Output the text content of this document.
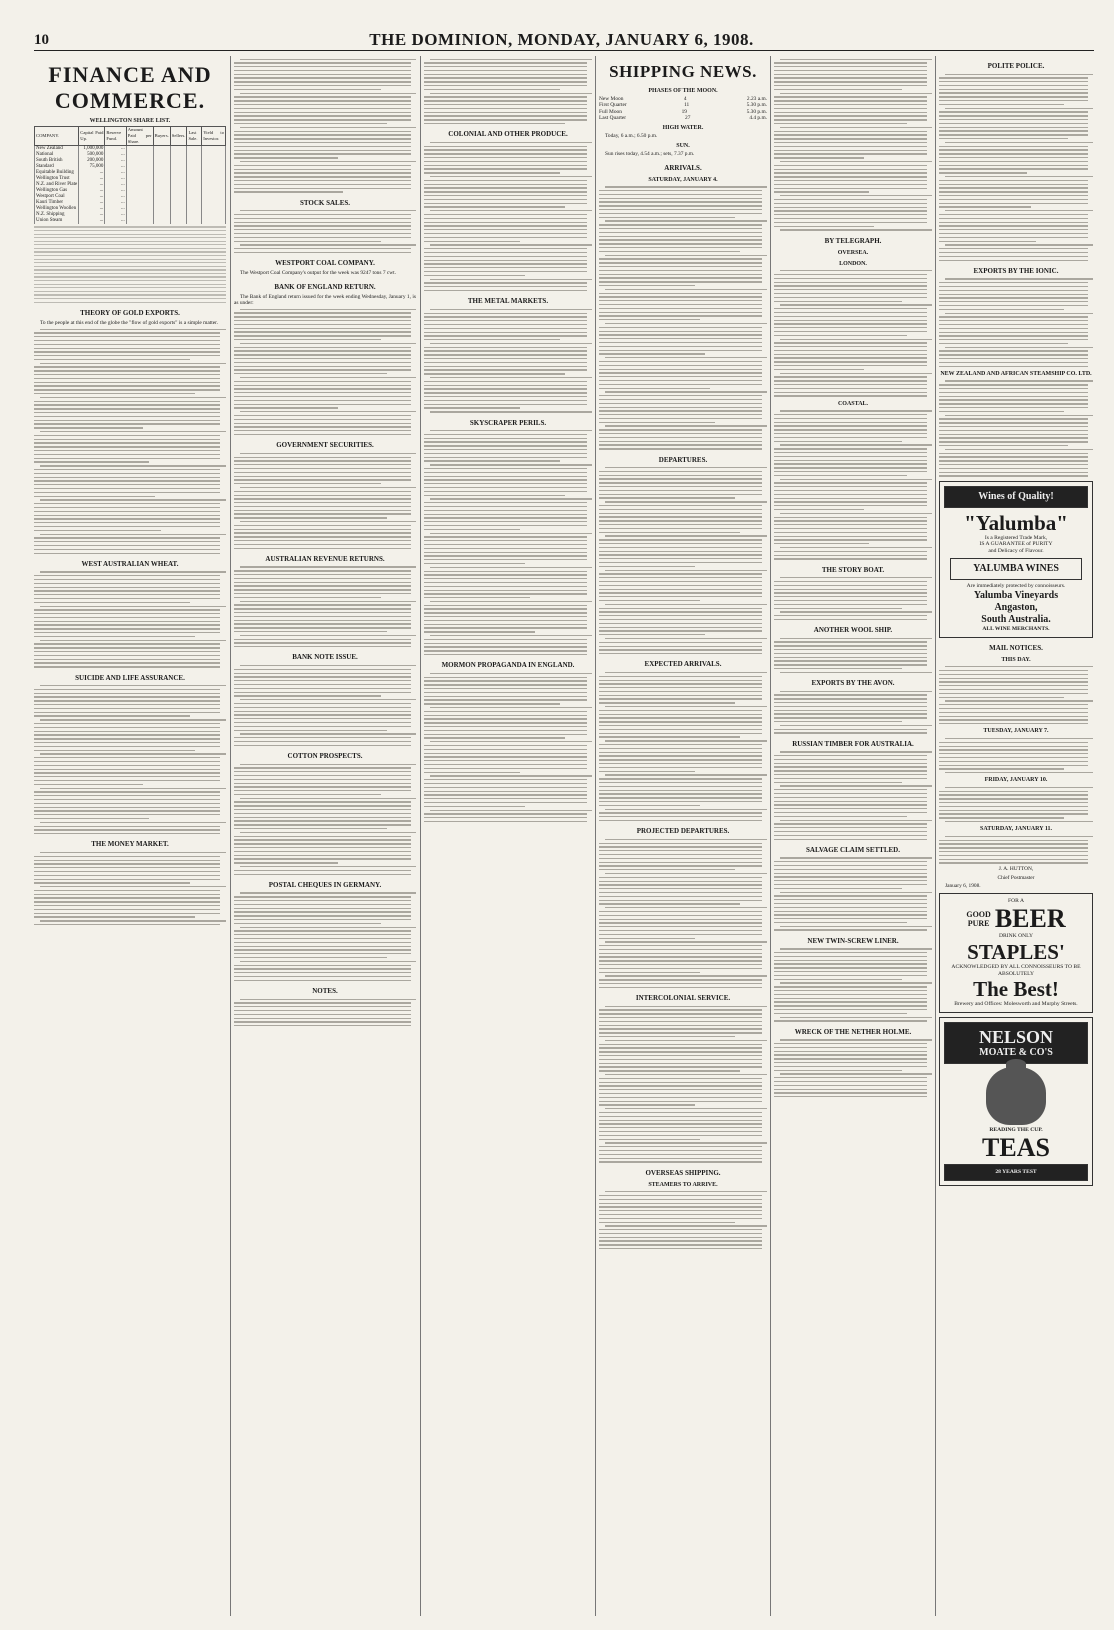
10	THE DOMINION, MONDAY, JANUARY 6, 1908.
FINANCE AND COMMERCE.
WELLINGTON SHARE LIST.
COMPANY.	Capital Paid Up.	Reserve Fund.	Amount Paid per Share.	Buyers.	Sellers.	Last Sale.	Yield to Investor.
New Zealand	1,000,000	...					
National	500,000	...					
South British	200,000	...					
Standard	75,000	...					
Equitable Building	...	...					
Wellington Trust	...	...					
N.Z. and River Plate	...	...					
Wellington Gas	...	...					
Westport Coal	...	...					
Kauri Timber	...	...					
Wellington Woollen	...	...					
N.Z. Shipping	...	...					
Union Steam	...	...					
THEORY OF GOLD EXPORTS.

To the people at this end of the globe the "flow of gold exports" is a simple matter.

WEST AUSTRALIAN WHEAT.
SUICIDE AND LIFE ASSURANCE.
THE MONEY MARKET.
STOCK SALES.
WESTPORT COAL COMPANY.

The Westport Coal Company's output for the week was 9247 tons 7 cwt.

BANK OF ENGLAND RETURN.

The Bank of England return issued for the week ending Wednesday, January 1, is as under:

GOVERNMENT SECURITIES.
AUSTRALIAN REVENUE RETURNS.
BANK NOTE ISSUE.
COTTON PROSPECTS.
POSTAL CHEQUES IN GERMANY.
NOTES.
COLONIAL AND OTHER PRODUCE.
THE METAL MARKETS.
SKYSCRAPER PERILS.
MORMON PROPAGANDA IN ENGLAND.
SHIPPING NEWS.
PHASES OF THE MOON.
New Moon	4	2.23 a.m.
First Quarter	11	5.30 p.m.
Full Moon	19	5.30 p.m.
Last Quarter	27	4.4 p.m.
HIGH WATER.

Today, 6 a.m.; 6.50 p.m.

SUN.

Sun rises today, 4.54 a.m.; sets, 7.37 p.m.

ARRIVALS.
SATURDAY, JANUARY 4.
DEPARTURES.
EXPECTED ARRIVALS.
PROJECTED DEPARTURES.
INTERCOLONIAL SERVICE.
OVERSEAS SHIPPING.
STEAMERS TO ARRIVE.
BY TELEGRAPH.
OVERSEA.
LONDON.
COASTAL.
THE STORY BOAT.
ANOTHER WOOL SHIP.
EXPORTS BY THE AVON.
RUSSIAN TIMBER FOR AUSTRALIA.
SALVAGE CLAIM SETTLED.
NEW TWIN-SCREW LINER.
WRECK OF THE NETHER HOLME.
POLITE POLICE.
EXPORTS BY THE IONIC.
NEW ZEALAND AND AFRICAN STEAMSHIP CO. LTD.
Wines of Quality!
"Yalumba"
Is a Registered Trade Mark,
IS A GUARANTEE of PURITY
and Delicacy of Flavour.
YALUMBA WINES
Are immediately protected by connoisseurs.
Yalumba Vineyards
Angaston,
South Australia.
ALL WINE MERCHANTS.
MAIL NOTICES.
THIS DAY.
TUESDAY, JANUARY 7.
FRIDAY, JANUARY 10.
SATURDAY, JANUARY 11.

J. A. HUTTON,

Chief Postmaster

January 6, 1908.

FOR A
GOOD
PURE BEER
DRINK ONLY
STAPLES'
ACKNOWLEDGED BY ALL CONNOISSEURS TO BE ABSOLUTELY
The Best!
Brewery and Offices: Molesworth and Murphy Streets.
NELSON
MOATE & CO'S
READING THE CUP.
TEAS
28 YEARS TEST
